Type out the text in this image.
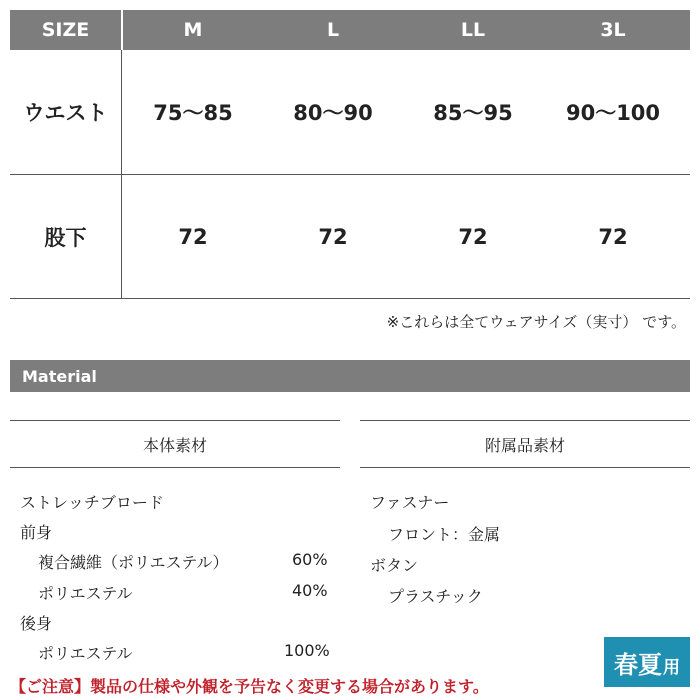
SIZE	M	L	LL	3L
ウエスト	75〜85	80〜90	85〜95	90〜100
股下	72	72	72	72
※これらは全てウェアサイズ（実寸） です。
Material
本体素材
ストレッチブロード
前身
複合繊維（ポリエステル）	60%
ポリエステル	40%
後身
ポリエステル	100%
附属品素材
ファスナー
フロント：金属
ボタン
プラスチック
【ご注意】製品の仕様や外観を予告なく変更する場合があります。
春夏 用
